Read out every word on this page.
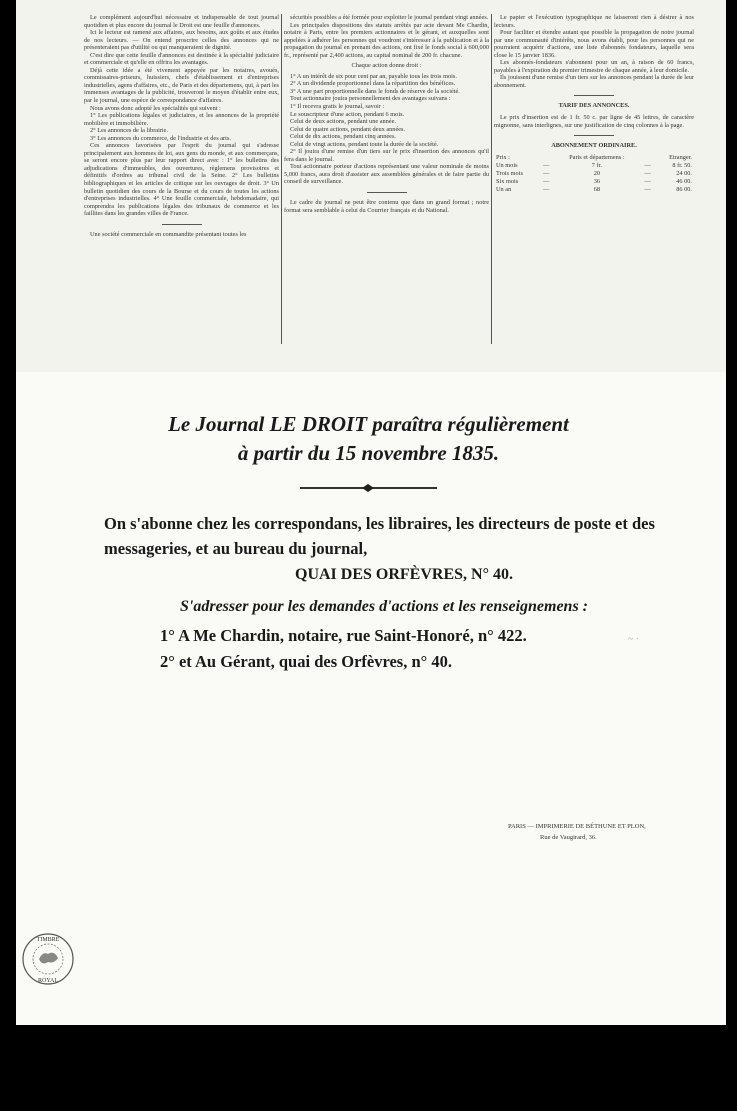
Le complément aujourd'hui nécessaire et indispensable de tout journal quotidien et plus encore du journal le Droit est une feuille d'annonces.

Ici le lecteur est ramené aux affaires, aux besoins, aux goûts et aux études de nos lecteurs. — On entend proscrire celles des annonces qui ne présenteraient pas d'utilité ou qui manqueraient de dignité.

C'est dire que cette feuille d'annonces est destinée à la spécialité judiciaire et commerciale et qu'elle en offrira les avantages.

Déjà cette idée a été vivement appuyée par les notaires, avoués, commissaires-priseurs, huissiers, chefs d'établissement et d'entreprises industrielles, agens d'affaires, etc., de Paris et des départemens, qui, à part les immenses avantages de la publicité, trouveront le moyen d'établir entre eux, par le journal, une espèce de correspondance d'affaires.

Nous avons donc adopté les spécialités qui suivent :

1° Les publications légales et judiciaires, et les annonces de la propriété mobilière et immobilière.

2° Les annonces de la librairie.

3° Les annonces du commerce, de l'industrie et des arts.

Ces annonces favorisées par l'esprit du journal qui s'adresse principalement aux hommes de loi, aux gens du monde, et aux commerçans, se seront encore plus par leur rapport direct avec : 1° les bulletins des adjudications d'immeubles, des ouvertures, règlemens provisoires et définitifs d'ordres au tribunal civil de la Seine. 2° Les bulletins bibliographiques et les articles de critique sur les ouvrages de droit. 3° Un bulletin quotidien des cours de la Bourse et du cours de toutes les actions d'entreprises industrielles. 4° Une feuille commerciale, hebdomadaire, qui comprendra les publications légales des tribunaux de commerce et les faillites dans les grandes villes de France.

Une société commerciale en commandite présentant toutes les

sécurités possibles a été formée pour exploiter le journal pendant vingt années.

Les principales dispositions des statuts arrêtés par acte devant Me Chardin, notaire à Paris, entre les premiers actionnaires et le gérant, et auxquelles sont appelées à adhérer les personnes qui voudront s'intéresser à la publication et à la propagation du journal en prenant des actions, ont fixé le fonds social à 600,000 fr., représenté par 2,400 actions, au capital nominal de 200 fr. chacune.

Chaque action donne droit :

1° A un intérêt de six pour cent par an, payable tous les trois mois.

2° A un dividende proportionnel dans la répartition des bénéfices.

3° A une part proportionnelle dans le fonds de réserve de la société.

Tout actionnaire jouira personnellement des avantages suivans :

1° Il recevra gratis le journal, savoir :

Le souscripteur d'une action, pendant 6 mois.

Celui de deux actions, pendant une année.

Celui de quatre actions, pendant deux années.

Celui de dix actions, pendant cinq années.

Celui de vingt actions, pendant toute la durée de la société.

2° Il jouira d'une remise d'un tiers sur le prix d'insertion des annonces qu'il fera dans le journal.

Tout actionnaire porteur d'actions représentant une valeur nominale de moins 5,000 francs, aura droit d'assister aux assemblées générales et de faire partie du conseil de surveillance.

Le cadre du journal ne peut être contenu que dans un grand format ; notre format sera semblable à celui du Courrier français et du National.

Le papier et l'exécution typographique ne laisseront rien à désirer à nos lecteurs.

Pour faciliter et étendre autant que possible la propagation de notre journal par une communauté d'intérêts, nous avons établi, pour les personnes qui ne pourraient acquérir d'actions, une liste d'abonnés fondateurs, laquelle sera close le 15 janvier 1836.

Les abonnés-fondateurs s'abonnent pour un an, à raison de 60 francs, payables à l'expiration du premier trimestre de chaque année, à leur domicile.

Ils jouissent d'une remise d'un tiers sur les annonces pendant la durée de leur abonnement.

TARIF DES ANNONCES.

Le prix d'insertion est de 1 fr. 50 c. par ligne de 45 lettres, de caractère mignonne, sans interlignes, sur une justification de cinq colonnes à la page.

ABONNEMENT ORDINAIRE.

Prix :		Paris et départemens :		Etranger.
Un mois	—	7 fr.	—	8 fr. 50.
Trois mois	—	20	—	24 00.
Six mois	—	36	—	46 00.
Un an	—	68	—	86 00.
~ ·
Le Journal LE DROIT paraîtra régulièrement
à partir du 15 novembre 1835.
On s'abonne chez les correspondans, les libraires, les directeurs de poste et des
messageries, et au bureau du journal,
QUAI DES ORFÈVRES, N° 40.
S'adresser pour les demandes d'actions et les renseignemens :
1° A Me Chardin, notaire, rue Saint-Honoré, n° 422.
2° et Au Gérant, quai des Orfèvres, n° 40.
PARIS — IMPRIMERIE DE BÉTHUNE ET PLON,
Rue de Vaugirard, 36.
TIMBRE
ROYAL
